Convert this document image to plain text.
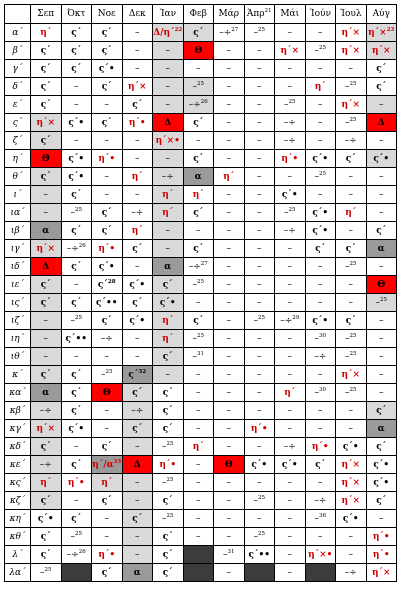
	Σεπ	Όκτ	Νοε	Δεκ	Ίαν	Φεβ	Μάρ	Άπρ$^{21}$	Μάι	Ίούν	Ίουλ	Αύγ
α´	η´	ς´	ς´	–	Δ/η´$^{22}$	ς´	–÷$^{27}$	–$^{25}$	–	–	η´×	η´×$^{23}$
β´	ς´	ς´	ς´	–	–	Θ	–	–	η´×	–$^{25}$	η´×	η´×
γ´	ς´	ς´	ς´•	–	–	–	–	–	–	–	–	ς´
δ´	ς´	–	ς´	η´×	–	–$^{25}$	–	–	–	η´	–$^{25}$	ς´
ε´	ς´	–	–	ς´	–	–÷$^{26}$	–	–	–$^{25}$	–	η´×	–
ς´	η´×	ς´•	ς´	η´•	Δ	ς´	–	–	–÷	–	–$^{25}$	Δ
ζ´	ς´	–	–	–	η´×•	–	–	–	–÷	–	–÷	–
η´	Θ	ς´•	η´•	–	–	ς´	–	–	η´•	ς´•	ς´	ς´•
θ´	ς´	ς´•	–	η´	–÷	α	η´	–	–	–$^{25}$	–	–
ι´	–	ς´	–	–	η´	η´	–	–	ς´•	–	–	–
ια´	–	–$^{25}$	ς´	–÷	η´	ς´	–	–	–$^{25}$	ς´•	η´	–
ιβ´	α	ς´	ς´	η´	–	–	–	–	–÷	ς´•	–	ς´
ιγ´	η´×	–÷$^{26}$	η´•	ς´	–	ς´	–	–	–	ς´	ς´	α
ιδ´	Δ	ς´	ς´•	–	α	–÷$^{27}$	–	–	–	–	–$^{25}$	–
ιε´	ς´	–	ς´$^{28}$	ς´•	ς´	–$^{25}$	–	–	–	–	–	Θ
ις´	ς´	ς´	ς´••	ς´	ς´•	–	–	–	–	–	–	–$^{25}$
ιζ´	–	–$^{25}$	ς´	ς´•	η´	ς´	–	–$^{25}$	–÷$^{29}$	ς´•	ς´	–
ιη´	–	ς´••	–÷	–	η´	–$^{25}$	–	–	–	–$^{30}$	–$^{25}$	–
ιθ´	–	–	–	–	ς´	–$^{31}$	–	–	–	–÷	–$^{25}$	–
κ´	ς´	ς´	–$^{25}$	ς´$^{32}$	–	–	–	–	–	–	η´×	–
κα´	α	ς´	Θ	ς´	ς´	–	–	–	η´	–$^{30}$	–$^{25}$	–
κβ´	–÷	ς´	–	–÷	ς´	–	–	–	–	–	–	ς´
κγ´	η´×	ς´•	–	ς´	ς´	–	–	η´•	–	–	–	α
κδ´	ς´	–	ς´	–	–$^{25}$	η´	–	–	–÷	η´•	ς´•	ς´
κε´	–÷	ς´	$\eta´/\alpha^{33}$	Δ	η´•	–	Θ	ς´•	ς´•	ς´	η´×	ς´•
κς´	η´	η´•	η´	–	–$^{25}$	–	–	–	–	–	η´×	ς´•
κζ´	ς´	–	ς´	–	ς´	–	–	–$^{25}$	–	–÷	η´×	ς´
κη´	ς´•	ς´	–	ς´	–$^{25}$	–	–	–	–	–$^{36}$	ς´•	–
κθ´	ς´	–$^{25}$	–	–	ς´	–	–	–$^{25}$	–	–	–	η´•
λ´	ς´	–÷$^{26}$	η´•	–	ς´		–$^{31}$	ς´••	–	η´×•	–	η´•
λα´	–$^{25}$		ς´	α	ς´		–		–		–÷	η´×
